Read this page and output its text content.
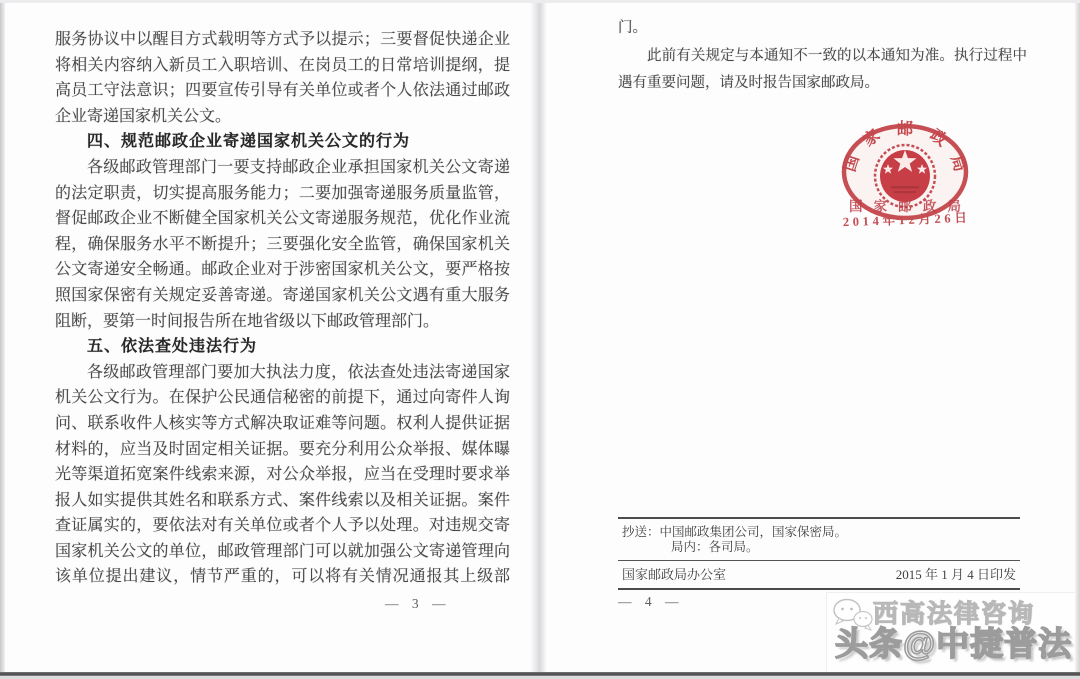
服务协议中以醒目方式载明等方式予以提示；三要督促快递企业
将相关内容纳入新员工入职培训、在岗员工的日常培训提纲，提
高员工守法意识；四要宣传引导有关单位或者个人依法通过邮政
企业寄递国家机关公文。
四、规范邮政企业寄递国家机关公文的行为
各级邮政管理部门一要支持邮政企业承担国家机关公文寄递
的法定职责，切实提高服务能力；二要加强寄递服务质量监管，
督促邮政企业不断健全国家机关公文寄递服务规范，优化作业流
程，确保服务水平不断提升；三要强化安全监管，确保国家机关
公文寄递安全畅通。邮政企业对于涉密国家机关公文，要严格按
照国家保密有关规定妥善寄递。寄递国家机关公文遇有重大服务
阻断，要第一时间报告所在地省级以下邮政管理部门。
五、依法查处违法行为
各级邮政管理部门要加大执法力度，依法查处违法寄递国家
机关公文行为。在保护公民通信秘密的前提下，通过向寄件人询
问、联系收件人核实等方式解决取证难等问题。权利人提供证据
材料的，应当及时固定相关证据。要充分利用公众举报、媒体曝
光等渠道拓宽案件线索来源，对公众举报，应当在受理时要求举
报人如实提供其姓名和联系方式、案件线索以及相关证据。案件
查证属实的，要依法对有关单位或者个人予以处理。对违规交寄
国家机关公文的单位，邮政管理部门可以就加强公文寄递管理向
该单位提出建议，情节严重的，可以将有关情况通报其上级部
— 3 —
门。
此前有关规定与本通知不一致的以本通知为准。执行过程中
遇有重要问题，请及时报告国家邮政局。
国
家 邮 政
局
国家邮政局
2014年12月26日
抄送：中国邮政集团公司，国家保密局。
局内：各司局。
国家邮政局办公室	2015 年 1 月 4 日印发
— 4 —	西高法律咨询
头条@中捷普法
